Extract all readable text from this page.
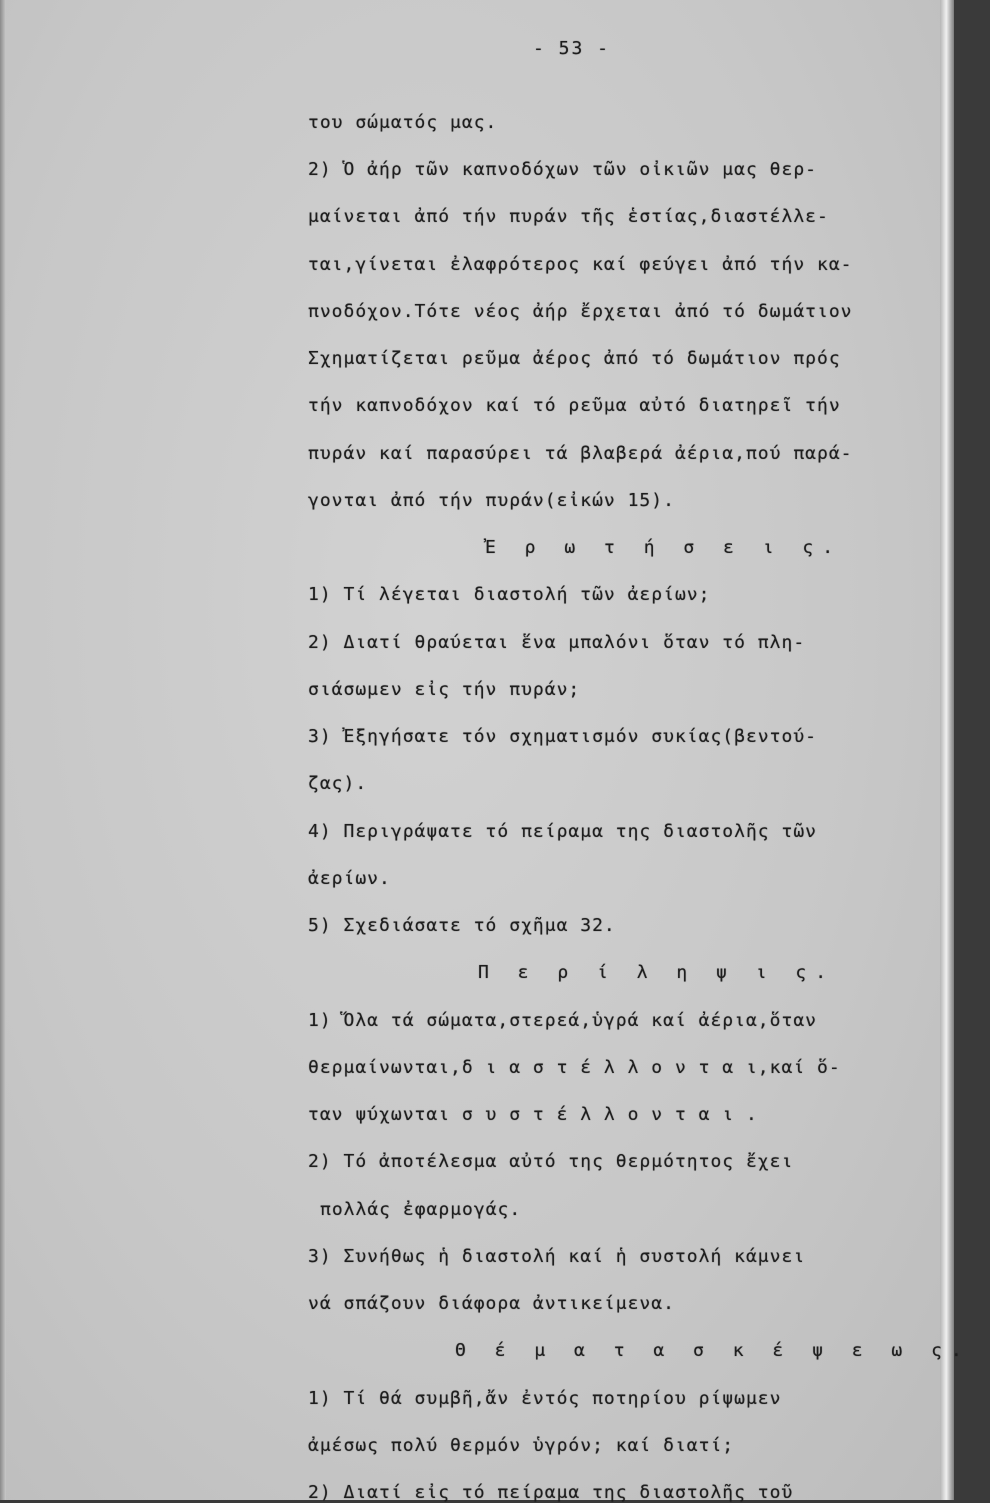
- 53 -
του σώματός μας.
2) Ὁ ἀήρ τῶν καπνοδόχων τῶν οἰκιῶν μας θερ-
μαίνεται ἀπό τήν πυράν τῆς ἑστίας,διαστέλλε-
ται,γίνεται ἐλαφρότερος καί φεύγει ἀπό τήν κα-
πνοδόχον.Τότε νέος ἀήρ ἔρχεται ἀπό τό δωμάτιον
Σχηματίζεται ρεῦμα ἀέρος ἀπό τό δωμάτιον πρός
τήν καπνοδόχον καί τό ρεῦμα αὐτό διατηρεῖ τήν
πυράν καί παρασύρει τά βλαβερά ἀέρια,πού παρά-
γονται ἀπό τήν πυράν(εἰκών 15).
Ἐ ρ ω τ ή σ ε ι ς.
1) Τί λέγεται διαστολή τῶν ἀερίων;
2) Διατί θραύεται ἕνα μπαλόνι ὅταν τό πλη-
σιάσωμεν εἰς τήν πυράν;
3) Ἐξηγήσατε τόν σχηματισμόν συκίας(βεντού-
ζας).
4) Περιγράψατε τό πείραμα της διαστολῆς τῶν
ἀερίων.
5) Σχεδιάσατε τό σχῆμα 32.
Π ε ρ ί λ η ψ ι ς.
1) Ὅλα τά σώματα,στερεά,ὑγρά καί ἀέρια,ὅταν
θερμαίνωνται,δ ι α σ τ έ λ λ ο ν τ α ι,καί ὅ-
ταν ψύχωνται σ υ σ τ έ λ λ ο ν τ α ι .
2) Τό ἀποτέλεσμα αὐτό της θερμότητος ἔχει
πολλάς ἐφαρμογάς.
3) Συνήθως ἡ διαστολή καί ἡ συστολή κάμνει
νά σπάζουν διάφορα ἀντικείμενα.
Θ έ μ α τ α σ κ έ ψ ε ω ς.
1) Τί θά συμβῆ,ἄν ἐντός ποτηρίου ρίψωμεν
ἀμέσως πολύ θερμόν ὑγρόν; καί διατί;
2) Διατί εἰς τό πείραμα της διαστολῆς τοῦ
